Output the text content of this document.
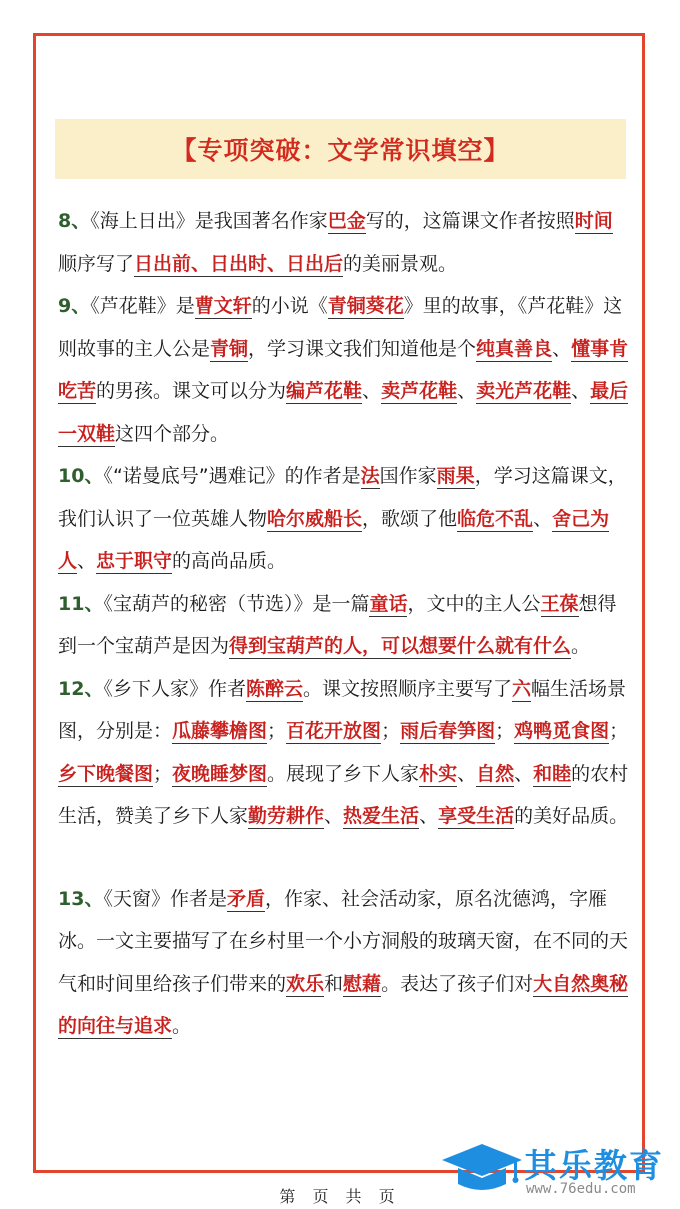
【专项突破：文学常识填空】

8、《海上日出》是我国著名作家巴金写的，这篇课文作者按照时间顺序写了日出前、日出时、日出后的美丽景观。

9、《芦花鞋》是曹文轩的小说《青铜葵花》里的故事，《芦花鞋》这则故事的主人公是青铜，学习课文我们知道他是个纯真善良、懂事肯吃苦的男孩。课文可以分为编芦花鞋、卖芦花鞋、卖光芦花鞋、最后一双鞋这四个部分。

10、《“诺曼底号”遇难记》的作者是法国作家雨果，学习这篇课文，我们认识了一位英雄人物哈尔威船长，歌颂了他临危不乱、舍己为人、忠于职守的高尚品质。

11、《宝葫芦的秘密（节选）》是一篇童话，文中的主人公王葆想得到一个宝葫芦是因为得到宝葫芦的人，可以想要什么就有什么。

12、《乡下人家》作者陈醉云。课文按照顺序主要写了六幅生活场景图，分别是：瓜藤攀檐图；百花开放图；雨后春笋图；鸡鸭觅食图；乡下晚餐图；夜晚睡梦图。展现了乡下人家朴实、自然、和睦的农村生活，赞美了乡下人家勤劳耕作、热爱生活、享受生活的美好品质。

13、《天窗》作者是矛盾，作家、社会活动家，原名沈德鸿，字雁冰。一文主要描写了在乡村里一个小方洞般的玻璃天窗，在不同的天气和时间里给孩子们带来的欢乐和慰藉。表达了孩子们对大自然奥秘的向往与追求。

其乐教育
www.76edu.com
第 页 共 页
